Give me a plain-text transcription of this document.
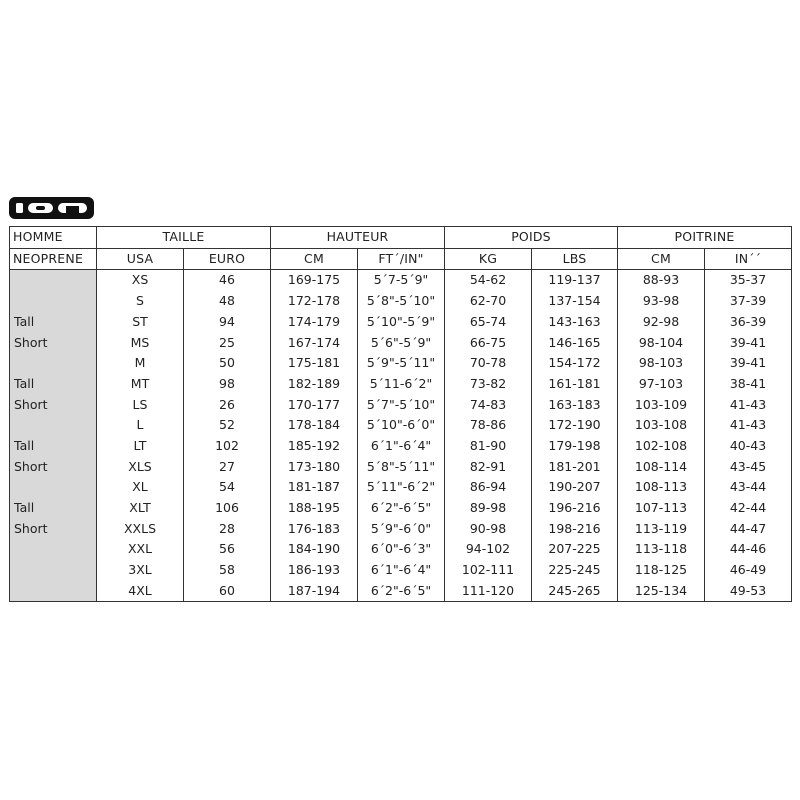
HOMME	TAILLE		HAUTEUR		POIDS		POITRINE	
NEOPRENE	USA	EURO	CM	FT´/IN"	KG	LBS	CM	IN´´
	XS	46	169-175	5´7-5´9"	54-62	119-137	88-93	35-37
	S	48	172-178	5´8"-5´10"	62-70	137-154	93-98	37-39
Tall	ST	94	174-179	5´10"-5´9"	65-74	143-163	92-98	36-39
Short	MS	25	167-174	5´6"-5´9"	66-75	146-165	98-104	39-41
	M	50	175-181	5´9"-5´11"	70-78	154-172	98-103	39-41
Tall	MT	98	182-189	5´11-6´2"	73-82	161-181	97-103	38-41
Short	LS	26	170-177	5´7"-5´10"	74-83	163-183	103-109	41-43
	L	52	178-184	5´10"-6´0"	78-86	172-190	103-108	41-43
Tall	LT	102	185-192	6´1"-6´4"	81-90	179-198	102-108	40-43
Short	XLS	27	173-180	5´8"-5´11"	82-91	181-201	108-114	43-45
	XL	54	181-187	5´11"-6´2"	86-94	190-207	108-113	43-44
Tall	XLT	106	188-195	6´2"-6´5"	89-98	196-216	107-113	42-44
Short	XXLS	28	176-183	5´9"-6´0"	90-98	198-216	113-119	44-47
	XXL	56	184-190	6´0"-6´3"	94-102	207-225	113-118	44-46
	3XL	58	186-193	6´1"-6´4"	102-111	225-245	118-125	46-49
	4XL	60	187-194	6´2"-6´5"	111-120	245-265	125-134	49-53
